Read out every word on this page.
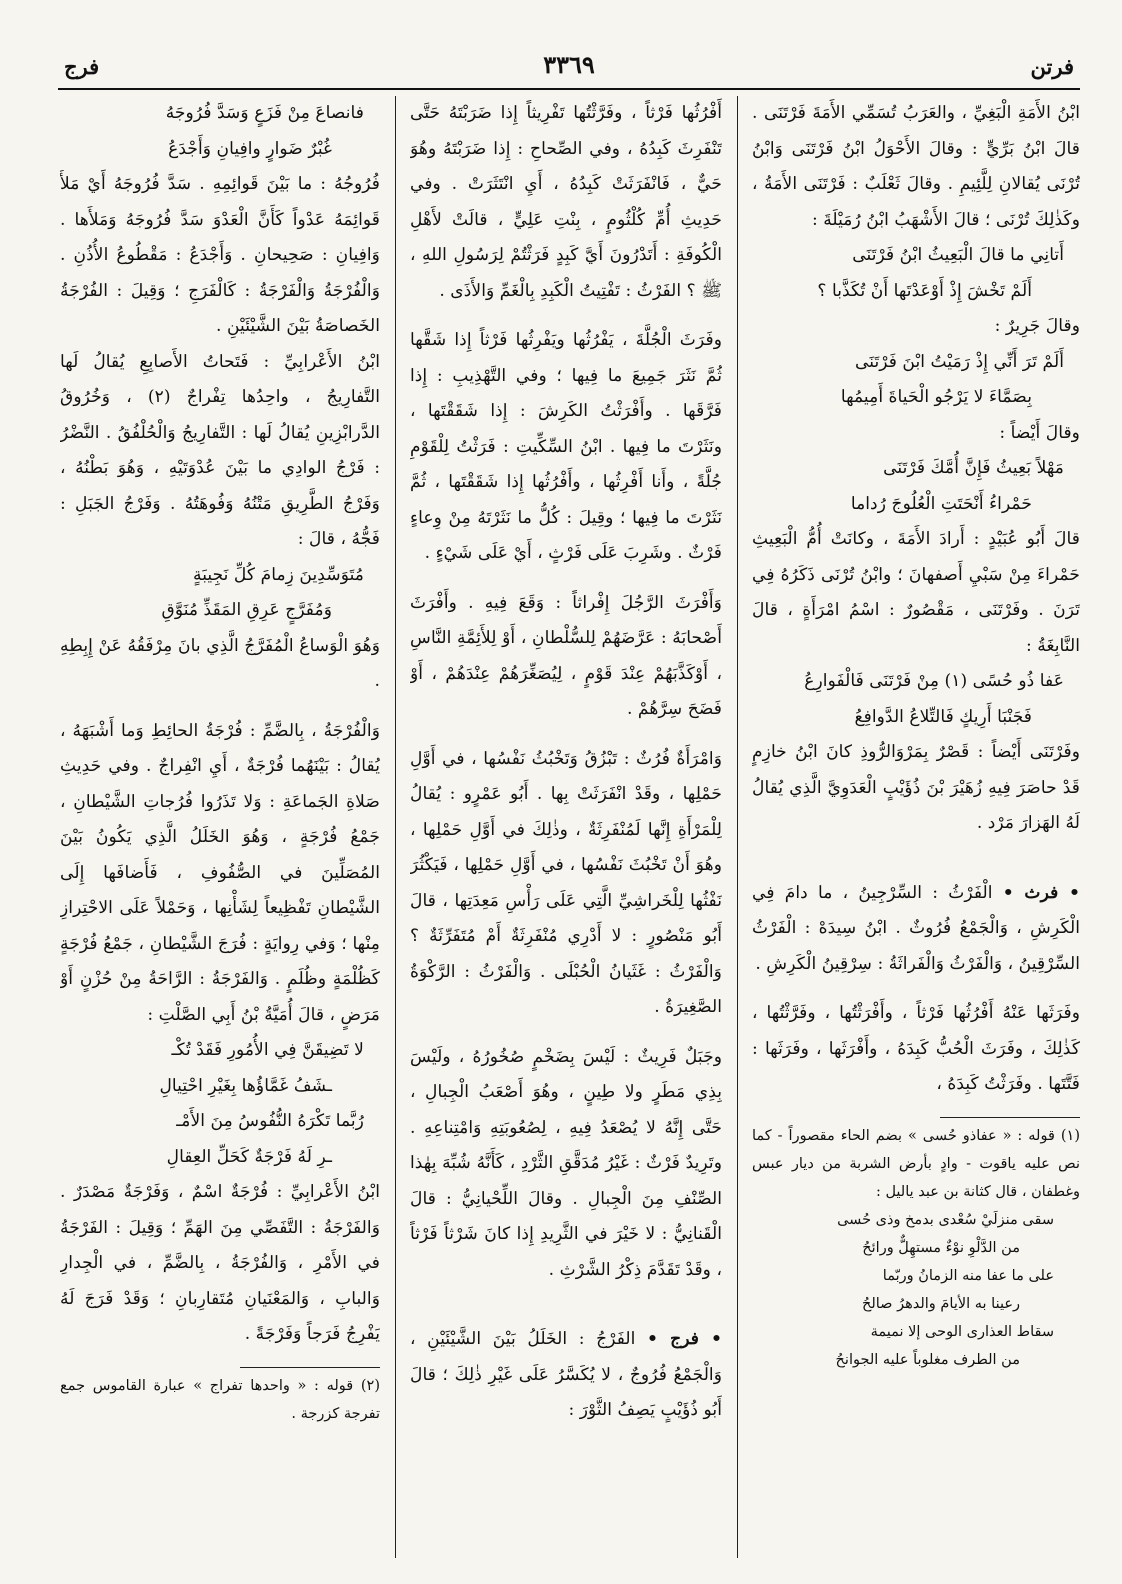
فرتن
٣٣٦٩
فرج

ابْنُ الأَمَةِ الْبَغِيِّ ، والعَرَبُ تُسَمِّي الأَمَةَ فَرْتَنَى . قالَ ابْنُ بَرِّيٍّ : وقالَ الأَحْوَلُ ابْنُ فَرْتَنَى وَابْنُ تُرْنَى يُقالانِ لِلَّئِيمِ . وقالَ ثَعْلَبٌ : فَرْتَنَى الأَمَةُ ، وكَذٰلِكَ تُرْنَى ؛ قالَ الأَشْهَبُ ابْنُ رُمَيْلَةَ :

أَتانِي ما قالَ الْبَعِيثُ ابْنُ فَرْتَنَى

أَلَمْ تَخْشَ إِذْ أَوْعَدْتَها أَنْ تُكَذَّبا ؟

وقالَ جَرِيرٌ :

أَلَمْ تَرَ أَنِّي إِذْ رَمَيْتُ ابْنَ فَرْتَنَى

بِصَمَّاءَ لا يَرْجُو الْحَياةَ أَمِيمُها

وقالَ أَيْضاً :

مَهْلاً بَعِيثُ فَإِنَّ أُمَّكَ فَرْتَنَى

حَمْراءُ أَنْحَتَتِ الْعُلُوجَ رُداما

قالَ أَبُو عُبَيْدٍ : أَرادَ الأَمَةَ ، وكانَتْ أُمُّ الْبَعِيثِ حَمْراءَ مِنْ سَبْيِ أَصفهانَ ؛ وابْنُ تُرْنَى ذَكَرُهُ فِي تَرَنَ . وفَرْتَنَى ، مَقْصُورٌ : اسْمُ امْرَأَةٍ ، قالَ النَّابِغَةُ :

عَفا ذُو حُسًى (١) مِنْ فَرْتَنَى فَالْفَوارِعُ

فَجَنْبَا أَرِيكٍ فَالتِّلاعُ الدَّوافِعُ

وفَرْتَنَى أَيْضاً : قَصْرٌ بِمَرْوَالرُّوذِ كانَ ابْنُ خازِمٍ قَدْ حاصَرَ فِيهِ زُهَيْرَ بْنَ ذُؤَيْبٍ الْعَدَوِيَّ الَّذِي يُقالُ لَهُ الهَزارَ مَرْد .

• فرث • الْفَرْثُ : السِّرْجِينُ ، ما دامَ فِي الْكَرِشِ ، وَالْجَمْعُ فُرُوثٌ . ابْنُ سِيدَهْ : الْفَرْثُ السِّرْقِينُ ، وَالْفَرْثُ وَالْفَراثَةُ : سِرْقِينُ الْكَرِشِ .

وفَرَثَها عَنْهُ أَفْرُثُها فَرْثاً ، وأَفْرَثْتُها ، وفَرَّثْتُها ، كَذٰلِكَ ، وفَرَثَ الْحُبُّ كَبِدَهُ ، وأَفْرَثَها ، وفَرَثَها : فَتَّتَها . وفَرَثْتُ كَبِدَهُ ،

(١) قوله : « عفاذو حُسى » بضم الحاء مقصوراً - كما نص عليه ياقوت - وادٍ بأرض الشربة من ديار عبس وغطفان ، قال كثانة بن عبد ياليل :

سقى منزلَيْ سُعْدى بدمخ وذى حُسى

من الدَّلْوِ نوْءٌ مستهِلٌّ ورائحُ

على ما عفا منه الزمانُ وربّما

رعينا به الأيامَ والدهرُ صالحُ

سقاط العذارى الوحى إلا نميمة

من الطرف مغلوباً عليه الجوانحُ

أَفْرُثُها فَرْثاً ، وفَرَّثْتُها تَفْرِيثاً إِذا ضَرَبْتَهُ حَتَّى تَنْفَرِثَ كَبِدُهُ ، وفي الصِّحاحِ : إِذا ضَرَبْتَهُ وهُوَ حَيٌّ ، فَانْفَرَثَتْ كَبِدُهُ ، أَيِ انْتَثَرَتْ . وفي حَدِيثِ أُمِّ كُلْثُومٍ ، بِنْتِ عَلِيٍّ ، قالَتْ لأَهْلِ الْكُوفَةِ : أَتَدْرُونَ أَيَّ كَبِدٍ فَرَثْتُمْ لِرَسُولِ اللهِ ، ﷺ ؟ الفَرْثُ : تَفْتِيتُ الْكَبِدِ بِالْغَمِّ وَالأَذَى .

وفَرَثَ الْجُلَّةَ ، يَفْرُثُها ويَفْرِثُها فَرْثاً إِذا شَقَّها ثُمَّ نَثَرَ جَمِيعَ ما فِيها ؛ وفي التَّهْذِيبِ : إِذا فَرَّقَها . وأَفْرَثْتُ الكَرِشَ : إِذا شَقَقْتَها ، ونَثَرْتَ ما فِيها . ابْنُ السِّكِّيتِ : فَرَثْتُ لِلْقَوْمِ جُلَّةً ، وأَنا أَفْرِثُها ، وأَفْرُثُها إِذا شَقَقْتَها ، ثُمَّ نَثَرْتَ ما فِيها ؛ وقِيلَ : كُلُّ ما نَثَرْتَهُ مِنْ وِعاءٍ فَرْثٌ . وشَرِبَ عَلَى فَرْثٍ ، أَيْ عَلَى شَيْءٍ .

وَأَفْرَثَ الرَّجُلَ إِفْراثاً : وَقَعَ فِيهِ . وأَفْرَثَ أَصْحابَهُ : عَرَّضَهُمْ لِلسُّلْطانِ ، أَوْ لِلأَئِمَّةِ النَّاسِ ، أَوْكَذَّبَهُمْ عِنْدَ قَوْمٍ ، لِيُصَغِّرَهُمْ عِنْدَهُمْ ، أَوْ فَضَحَ سِرَّهُمْ .

وَامْرَأَةٌ فُرُثٌ : تَبْزُقُ وَتَخْبُثُ نَفْسُها ، في أَوَّلِ حَمْلِها ، وقَدْ انْفَرَثَتْ بِها . أَبُو عَمْرٍو : يُقالُ لِلْمَرْأَةِ إِنَّها لَمُنْفَرِثَةٌ ، وذٰلِكَ في أَوَّلِ حَمْلِها ، وهُوَ أَنْ تَخْبُثَ نَفْسُها ، في أَوَّلِ حَمْلِها ، فَيَكْثُرَ نَفْثُها لِلْخَراشِيِّ الَّتِي عَلَى رَأْسِ مَعِدَتِها ، قالَ أَبُو مَنْصُورٍ : لا أَدْرِي مُنْفَرِثَةٌ أَمْ مُتَفَرِّثَةٌ ؟ وَالْفَرْثُ : غَثَيانُ الْحُبْلَى . وَالْفَرْثُ : الرَّكْوَةُ الصَّغِيرَةُ .

وجَبَلٌ فَرِيثٌ : لَيْسَ بِضَخْمٍ صُخُورُهُ ، ولَيْسَ بِذِي مَطَرٍ ولا طِينٍ ، وهُوَ أَصْعَبُ الْجِبالِ ، حَتَّى إِنَّهُ لا يُصْعَدُ فِيهِ ، لِصُعُوبَتِهِ وَامْتِناعِهِ . وتَرِيدٌ فَرْثٌ : غَيْرُ مُدَقَّقِ الثَّرْدِ ، كَأَنَّهُ شُبِّهَ بِهٰذا الصِّنْفِ مِنَ الْجِبالِ . وقالَ اللِّحْيانِيُّ : قالَ الْقَنانِيُّ : لا خَيْرَ في الثَّرِيدِ إِذا كانَ شَرْثاً فَرْثاً ، وقَدْ تَقَدَّمَ ذِكْرُ الشَّرْثِ .

• فرج • الفَرْجُ : الخَلَلُ بَيْنَ الشَّيْئَيْنِ ، وَالْجَمْعُ فُرُوجٌ ، لا يُكَسَّرُ عَلَى غَيْرِ ذٰلِكَ ؛ قالَ أَبُو ذُؤَيْبٍ يَصِفُ الثَّوْرَ :

فانصاعَ مِنْ فَزَعٍ وَسَدَّ فُرُوجَهُ

غُبْرٌ ضَوارٍ وافِيانِ وَأَجْدَعُ

فُرُوجُهُ : ما بَيْنَ قَوائِمِهِ . سَدَّ فُرُوجَهُ أَيْ مَلأَ قَوائِمَهُ عَدْواً كَأَنَّ الْعَدْوَ سَدَّ فُرُوجَهُ وَمَلأَها . وَافِيانِ : صَحِيحانِ . وَأَجْدَعُ : مَقْطُوعُ الأُذُنِ . وَالْفُرْجَةُ وَالْفَرْجَةُ : كَالْفَرَجِ ؛ وَقِيلَ : الفُرْجَةُ الخَصاصَةُ بَيْنَ الشَّيْئَيْنِ .

ابْنُ الأَعْرابِيِّ : فَتَحاتُ الأَصابِعِ يُقالُ لَها التَّفارِيجُ ، واحِدُها تِفْراجٌ (٢) ، وَخُرُوقُ الدَّرابْزِينِ يُقالُ لَها : التَّفارِيجُ وَالْحُلْفُقُ . النَّضْرُ : فَرْجُ الوادِي ما بَيْنَ عُدْوَتَيْهِ ، وَهُوَ بَطْنُهُ ، وَفَرْجُ الطَّرِيقِ مَتْنُهُ وَفُوهَتُهُ . وَفَرْجُ الجَبَلِ : فَجُّهُ ، قالَ :

مُتَوَسِّدِينَ زِمامَ كُلِّ نَجِيبَةٍ

وَمُفَرَّجٍ عَرِقِ المَقَذِّ مُنَوَّقِ

وَهُوَ الْوَساعُ الْمُفَرَّجُ الَّذِي بانَ مِرْفَقُهُ عَنْ إِبِطِهِ .

وَالْفُرْجَةُ ، بِالضَّمِّ : فُرْجَةُ الحائِطِ وَما أَشْبَهَهُ ، يُقالُ : بَيْنَهُما فُرْجَةٌ ، أَيِ انْفِراجٌ . وفي حَدِيثِ صَلاةِ الجَماعَةِ : وَلا تَذَرُوا فُرُجاتِ الشَّيْطانِ ، جَمْعُ فُرْجَةٍ ، وَهُوَ الخَلَلُ الَّذِي يَكُونُ بَيْنَ المُصَلِّينَ في الصُّفُوفِ ، فَأَضافَها إِلَى الشَّيْطانِ تَفْظِيعاً لِشَأْنِها ، وَحَمْلاً عَلَى الاحْتِرازِ مِنْها ؛ وَفي رِوايَةٍ : فُرَجَ الشَّيْطانِ ، جَمْعُ فُرْجَةٍ كَظُلْمَةٍ وظُلَمٍ . وَالفَرْجَةُ : الرَّاحَةُ مِنْ حُزْنٍ أَوْ مَرَضٍ ، قالَ أُمَيَّةُ بْنُ أَبِي الصَّلْتِ :

لا تَضِيقَنَّ فِي الأُمُورِ فَقَدْ تُكْـ

ـشَفُ غَمَّاؤُها بِغَيْرِ احْتِيالِ

رُبَّما تَكْرَهُ النُّفُوسُ مِنَ الأَمْـ

ـرِ لَهُ فَرْجَةٌ كَحَلِّ العِقالِ

ابْنُ الأَعْرابِيِّ : فُرْجَةٌ اسْمٌ ، وَفَرْجَةٌ مَصْدَرٌ . وَالفَرْجَةُ : التَّفَصِّي مِنَ الهَمِّ ؛ وَقِيلَ : الفَرْجَةُ في الأَمْرِ ، وَالفُرْجَةُ ، بِالضَّمِّ ، في الْجِدارِ وَالبابِ ، وَالمَعْنَيانِ مُتَقارِبانِ ؛ وَقَدْ فَرَجَ لَهُ يَفْرِجُ فَرَجاً وَفَرْجَةً .

(٢) قوله : « واحدها تفراج » عبارة القاموس جمع تفرجة كزرجة .
